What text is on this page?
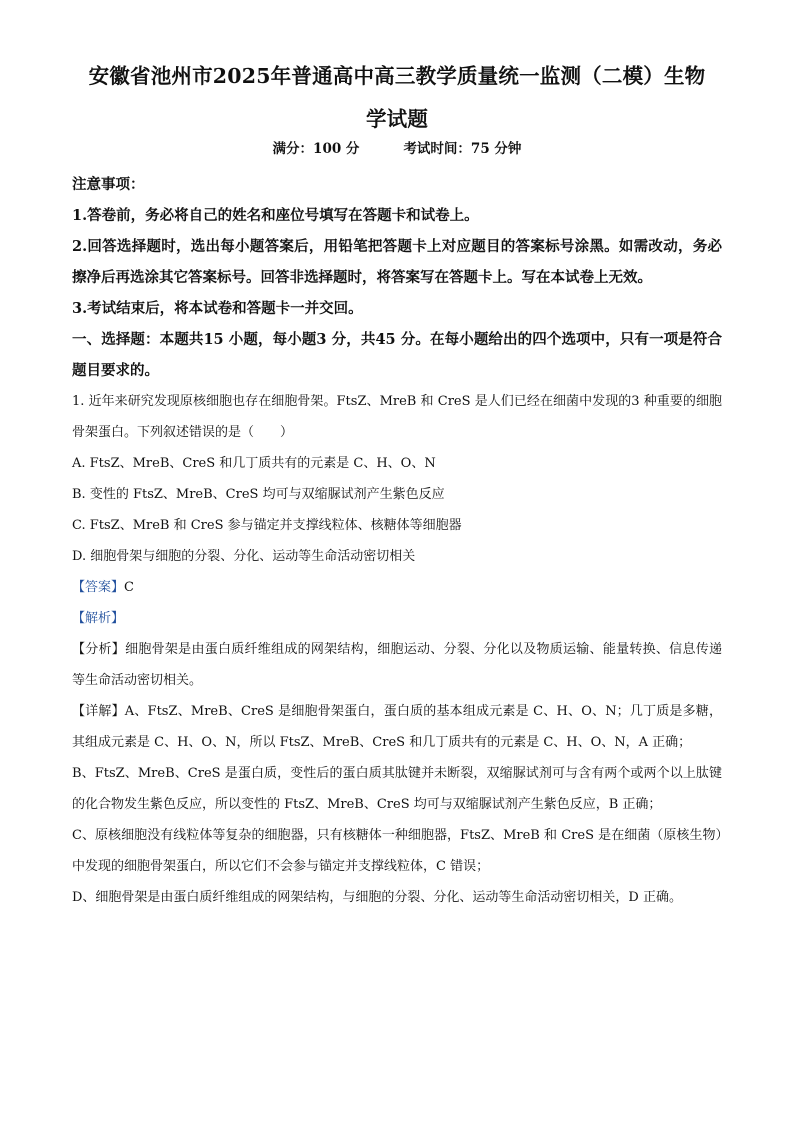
安徽省池州市2025年普通高中高三教学质量统一监测（二模）生物
学试题
满分：100 分	考试时间：75 分钟
注意事项：

1.答卷前，务必将自己的姓名和座位号填写在答题卡和试卷上。

2.回答选择题时，选出每小题答案后，用铅笔把答题卡上对应题目的答案标号涂黑。如需改动，务必擦净后再选涂其它答案标号。回答非选择题时，将答案写在答题卡上。写在本试卷上无效。

3.考试结束后，将本试卷和答题卡一并交回。

一、选择题：本题共15 小题，每小题3 分，共45 分。在每小题给出的四个选项中，只有一项是符合题目要求的。

1. 近年来研究发现原核细胞也存在细胞骨架。FtsZ、MreB 和 CreS 是人们已经在细菌中发现的3 种重要的细胞骨架蛋白。下列叙述错误的是（　　）

A. FtsZ、MreB、CreS 和几丁质共有的元素是 C、H、O、N

B. 变性的 FtsZ、MreB、CreS 均可与双缩脲试剂产生紫色反应

C. FtsZ、MreB 和 CreS 参与锚定并支撑线粒体、核糖体等细胞器

D. 细胞骨架与细胞的分裂、分化、运动等生命活动密切相关

【答案】C

【解析】

【分析】细胞骨架是由蛋白质纤维组成的网架结构，细胞运动、分裂、分化以及物质运输、能量转换、信息传递等生命活动密切相关。

【详解】A、FtsZ、MreB、CreS 是细胞骨架蛋白，蛋白质的基本组成元素是 C、H、O、N；几丁质是多糖，其组成元素是 C、H、O、N，所以 FtsZ、MreB、CreS 和几丁质共有的元素是 C、H、O、N，A 正确；

B、FtsZ、MreB、CreS 是蛋白质，变性后的蛋白质其肽键并未断裂，双缩脲试剂可与含有两个或两个以上肽键的化合物发生紫色反应，所以变性的 FtsZ、MreB、CreS 均可与双缩脲试剂产生紫色反应，B 正确；

C、原核细胞没有线粒体等复杂的细胞器，只有核糖体一种细胞器，FtsZ、MreB 和 CreS 是在细菌（原核生物）中发现的细胞骨架蛋白，所以它们不会参与锚定并支撑线粒体，C 错误；

D、细胞骨架是由蛋白质纤维组成的网架结构，与细胞的分裂、分化、运动等生命活动密切相关，D 正确。
